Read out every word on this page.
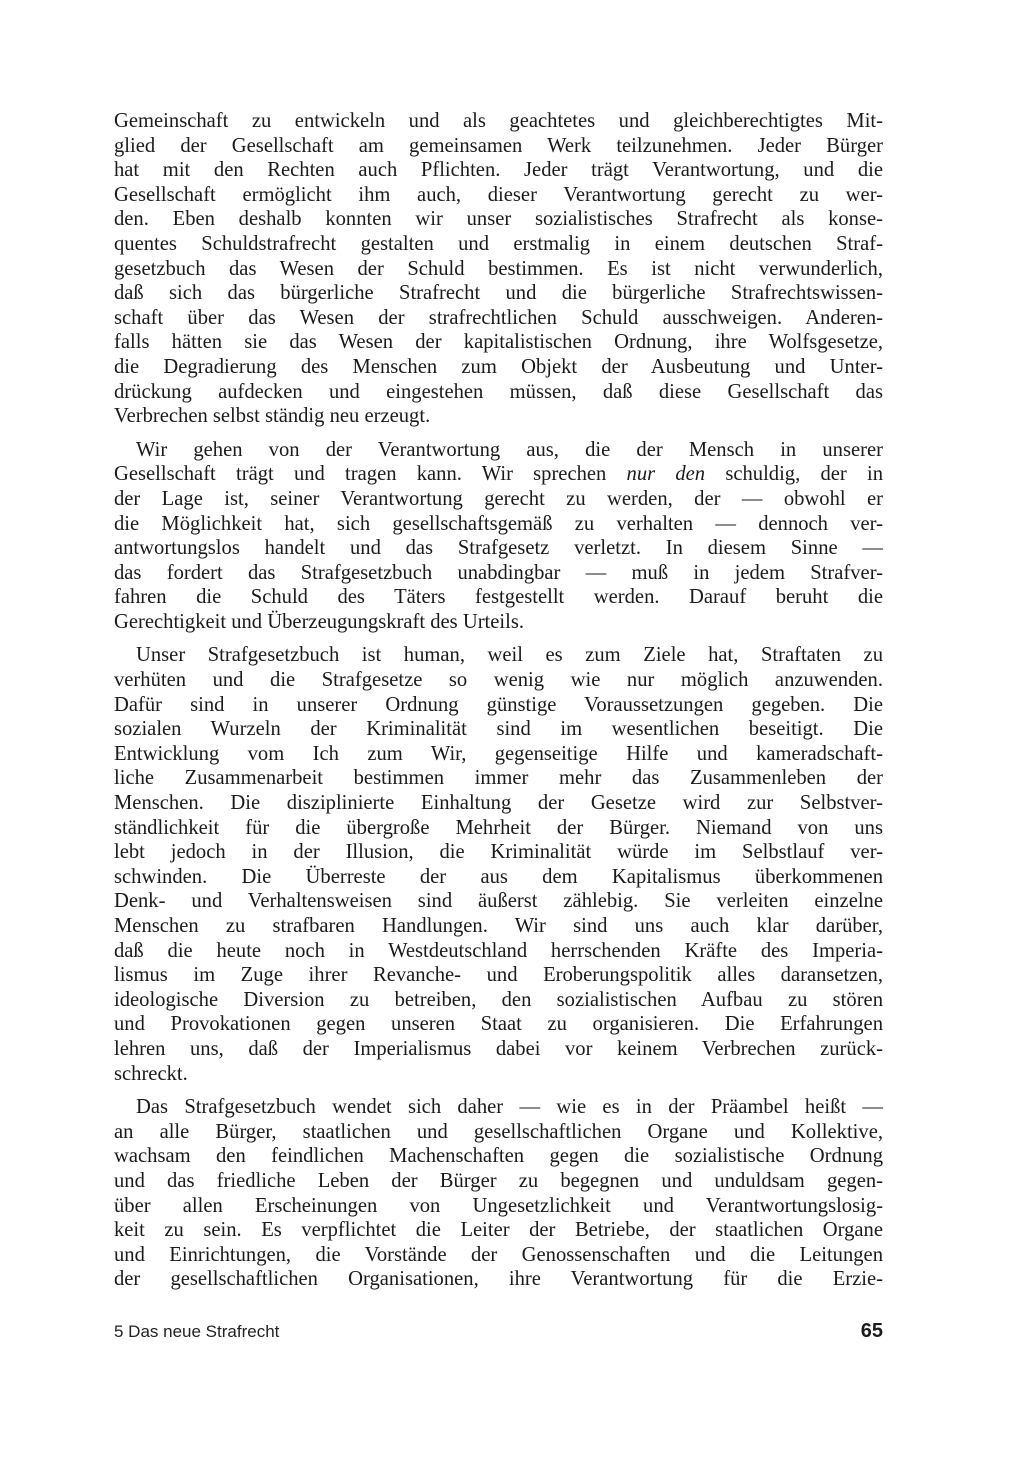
Gemeinschaft zu entwickeln und als geachtetes und gleichberechtigtes Mit-
glied der Gesellschaft am gemeinsamen Werk teilzunehmen. Jeder Bürger
hat mit den Rechten auch Pflichten. Jeder trägt Verantwortung, und die
Gesellschaft ermöglicht ihm auch, dieser Verantwortung gerecht zu wer-
den. Eben deshalb konnten wir unser sozialistisches Strafrecht als konse-
quentes Schuldstrafrecht gestalten und erstmalig in einem deutschen Straf-
gesetzbuch das Wesen der Schuld bestimmen. Es ist nicht verwunderlich,
daß sich das bürgerliche Strafrecht und die bürgerliche Strafrechtswissen-
schaft über das Wesen der strafrechtlichen Schuld ausschweigen. Anderen-
falls hätten sie das Wesen der kapitalistischen Ordnung, ihre Wolfsgesetze,
die Degradierung des Menschen zum Objekt der Ausbeutung und Unter-
drückung aufdecken und eingestehen müssen, daß diese Gesellschaft das
Verbrechen selbst ständig neu erzeugt.

Wir gehen von der Verantwortung aus, die der Mensch in unserer
Gesellschaft trägt und tragen kann. Wir sprechen nur den schuldig, der in
der Lage ist, seiner Verantwortung gerecht zu werden, der — obwohl er
die Möglichkeit hat, sich gesellschaftsgemäß zu verhalten — dennoch ver-
antwortungslos handelt und das Strafgesetz verletzt. In diesem Sinne —
das fordert das Strafgesetzbuch unabdingbar — muß in jedem Strafver-
fahren die Schuld des Täters festgestellt werden. Darauf beruht die
Gerechtigkeit und Überzeugungskraft des Urteils.

Unser Strafgesetzbuch ist human, weil es zum Ziele hat, Straftaten zu
verhüten und die Strafgesetze so wenig wie nur möglich anzuwenden.
Dafür sind in unserer Ordnung günstige Voraussetzungen gegeben. Die
sozialen Wurzeln der Kriminalität sind im wesentlichen beseitigt. Die
Entwicklung vom Ich zum Wir, gegenseitige Hilfe und kameradschaft-
liche Zusammenarbeit bestimmen immer mehr das Zusammenleben der
Menschen. Die disziplinierte Einhaltung der Gesetze wird zur Selbstver-
ständlichkeit für die übergroße Mehrheit der Bürger. Niemand von uns
lebt jedoch in der Illusion, die Kriminalität würde im Selbstlauf ver-
schwinden. Die Überreste der aus dem Kapitalismus überkommenen
Denk- und Verhaltensweisen sind äußerst zählebig. Sie verleiten einzelne
Menschen zu strafbaren Handlungen. Wir sind uns auch klar darüber,
daß die heute noch in Westdeutschland herrschenden Kräfte des Imperia-
lismus im Zuge ihrer Revanche- und Eroberungspolitik alles daransetzen,
ideologische Diversion zu betreiben, den sozialistischen Aufbau zu stören
und Provokationen gegen unseren Staat zu organisieren. Die Erfahrungen
lehren uns, daß der Imperialismus dabei vor keinem Verbrechen zurück-
schreckt.

Das Strafgesetzbuch wendet sich daher — wie es in der Präambel heißt —
an alle Bürger, staatlichen und gesellschaftlichen Organe und Kollektive,
wachsam den feindlichen Machenschaften gegen die sozialistische Ordnung
und das friedliche Leben der Bürger zu begegnen und unduldsam gegen-
über allen Erscheinungen von Ungesetzlichkeit und Verantwortungslosig-
keit zu sein. Es verpflichtet die Leiter der Betriebe, der staatlichen Organe
und Einrichtungen, die Vorstände der Genossenschaften und die Leitungen
der gesellschaftlichen Organisationen, ihre Verantwortung für die Erzie-

5 Das neue Strafrecht	65
